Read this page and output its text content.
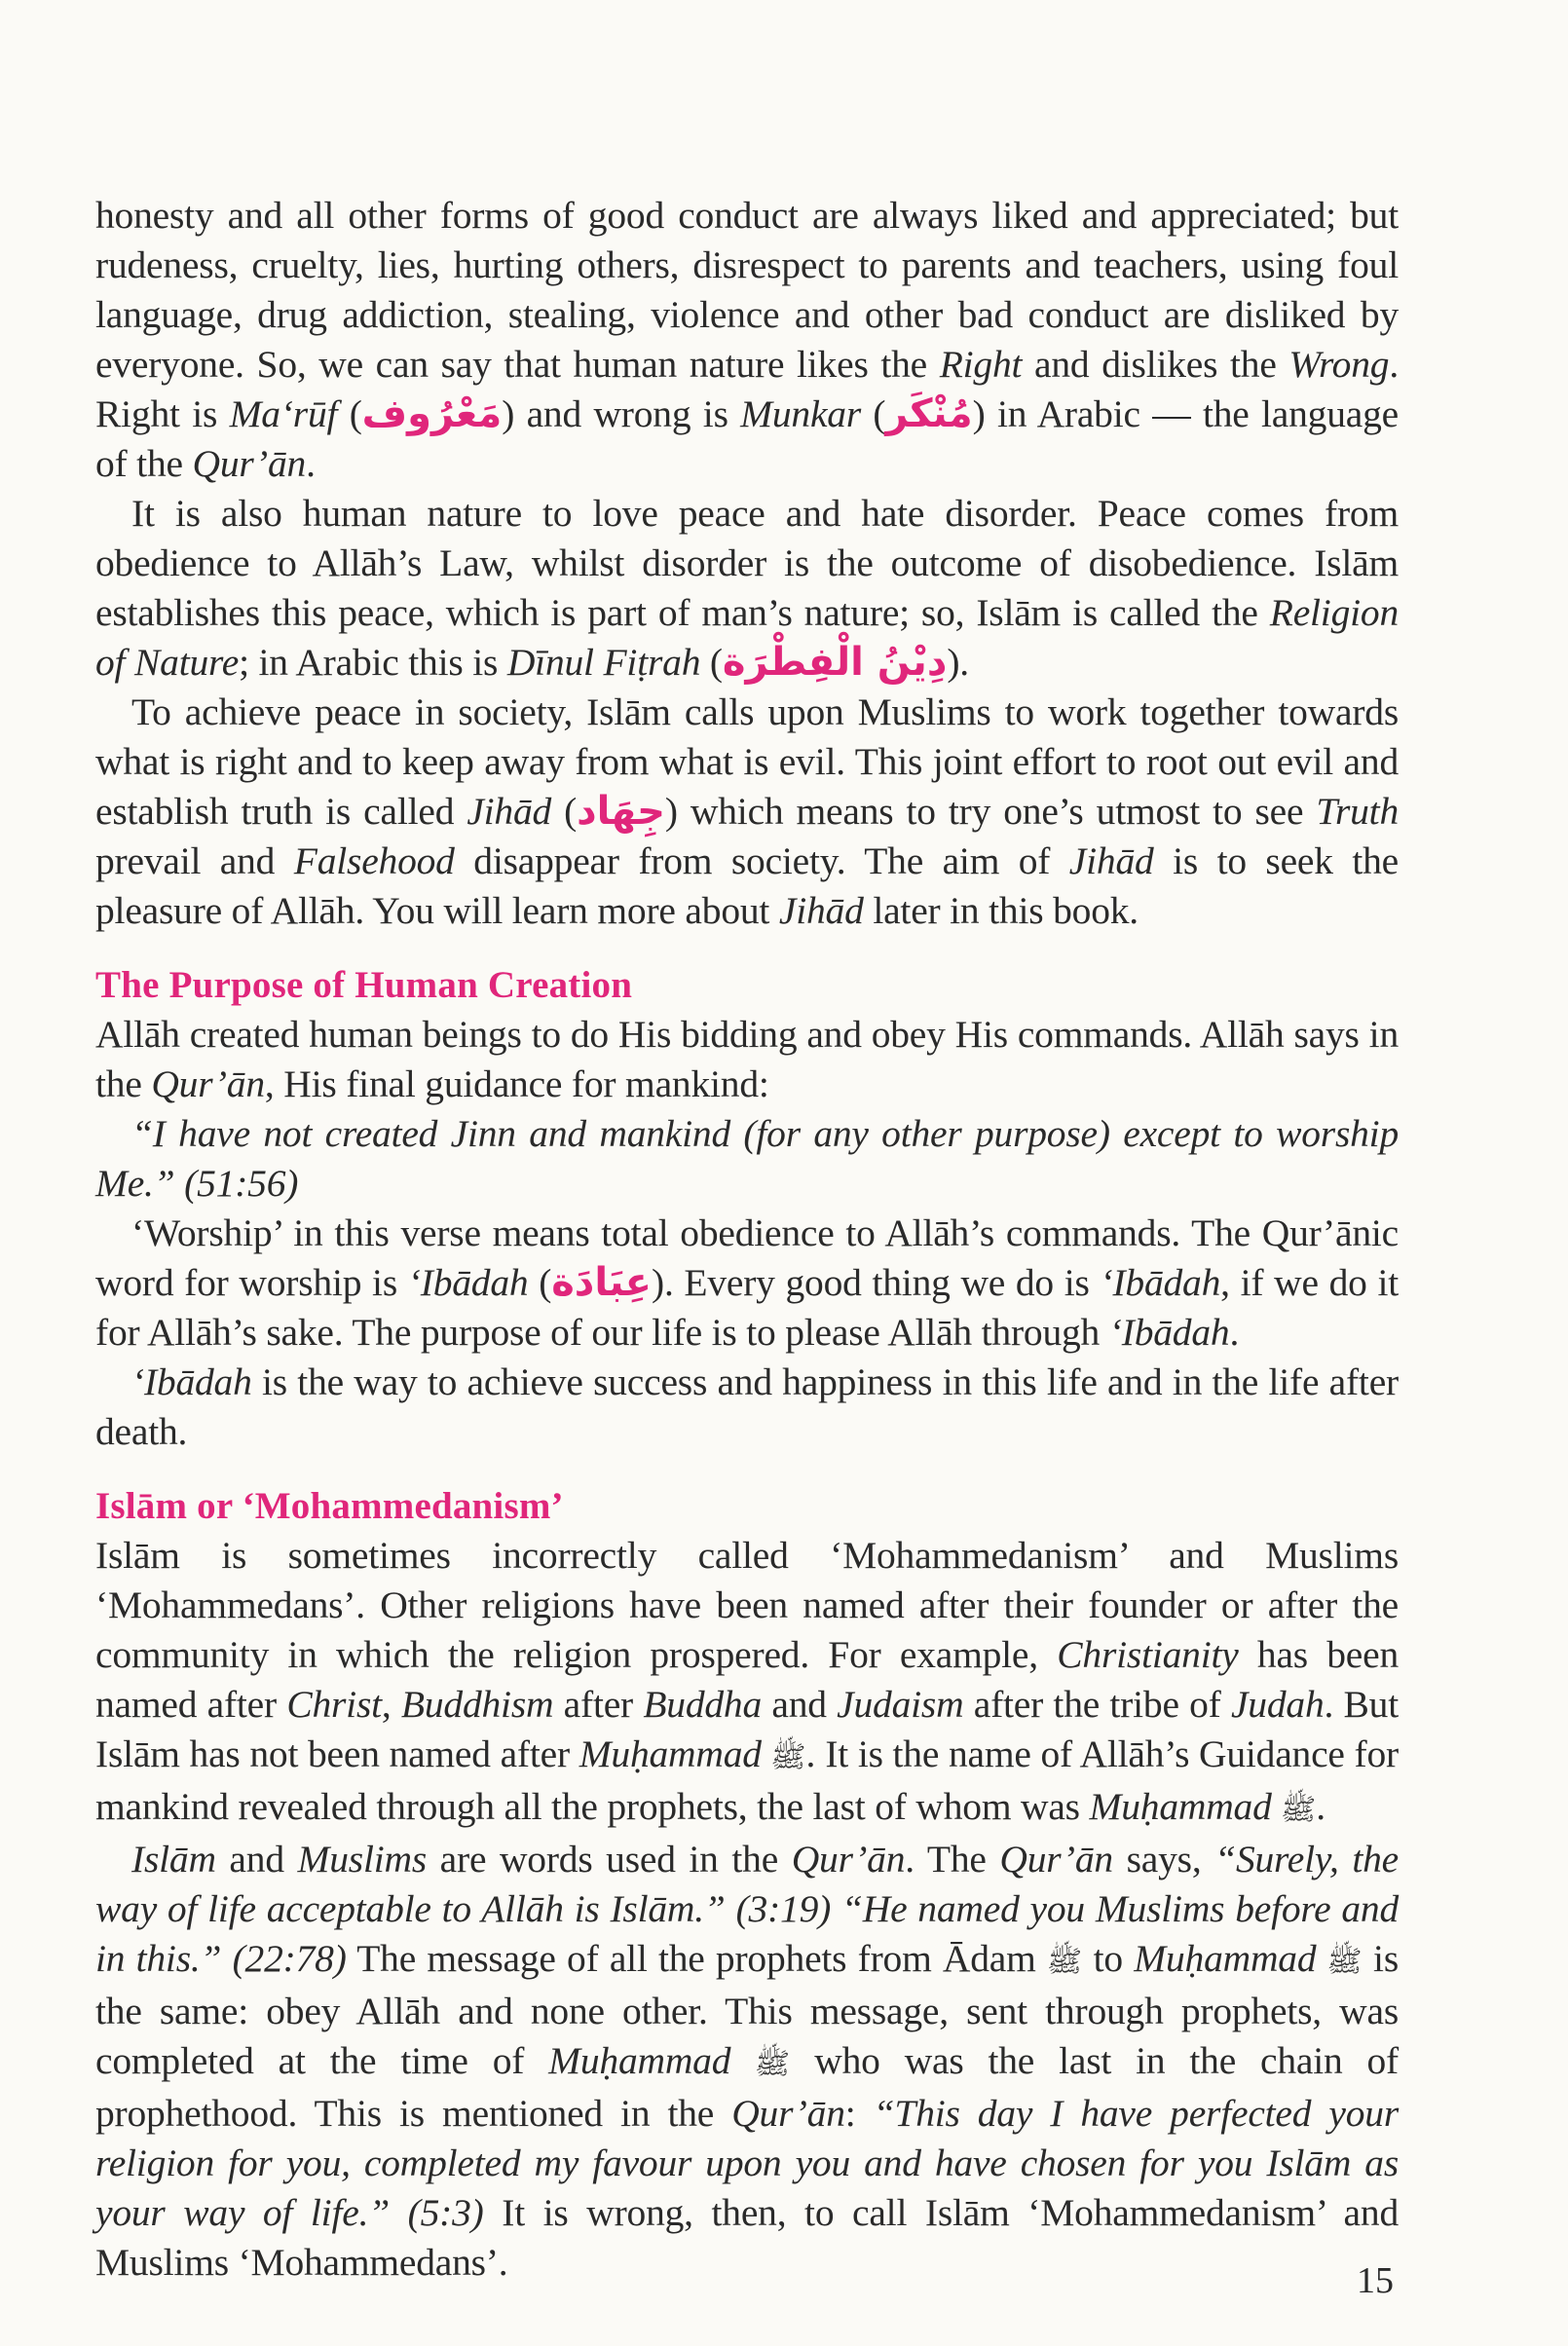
honesty and all other forms of good conduct are always liked and appreciated; but rudeness, cruelty, lies, hurting others, disrespect to parents and teachers, using foul language, drug addiction, stealing, violence and other bad conduct are disliked by everyone. So, we can say that human nature likes the Right and dislikes the Wrong. Right is Ma‘rūf (مَعْرُوف) and wrong is Munkar (مُنْكَر) in Arabic — the language of the Qur’ān.

It is also human nature to love peace and hate disorder. Peace comes from obedience to Allāh’s Law, whilst disorder is the outcome of disobedience. Islām establishes this peace, which is part of man’s nature; so, Islām is called the Religion of Nature; in Arabic this is Dīnul Fiṭrah (دِيْنُ الْفِطْرَة).

To achieve peace in society, Islām calls upon Muslims to work together towards what is right and to keep away from what is evil. This joint effort to root out evil and establish truth is called Jihād (جِهَاد) which means to try one’s utmost to see Truth prevail and Falsehood disappear from society. The aim of Jihād is to seek the pleasure of Allāh. You will learn more about Jihād later in this book.

The Purpose of Human Creation

Allāh created human beings to do His bidding and obey His commands. Allāh says in the Qur’ān, His final guidance for mankind:

“I have not created Jinn and mankind (for any other purpose) except to worship Me.” (51:56)

‘Worship’ in this verse means total obedience to Allāh’s commands. The Qur’ānic word for worship is ‘Ibādah (عِبَادَة). Every good thing we do is ‘Ibādah, if we do it for Allāh’s sake. The purpose of our life is to please Allāh through ‘Ibādah.

‘Ibādah is the way to achieve success and happiness in this life and in the life after death.

Islām or ‘Mohammedanism’

Islām is sometimes incorrectly called ‘Mohammedanism’ and Muslims ‘Mohammedans’. Other religions have been named after their founder or after the community in which the religion prospered. For example, Christianity has been named after Christ, Buddhism after Buddha and Judaism after the tribe of Judah. But Islām has not been named after Muḥammad ﷺ. It is the name of Allāh’s Guidance for mankind revealed through all the prophets, the last of whom was Muḥammad ﷺ.

Islām and Muslims are words used in the Qur’ān. The Qur’ān says, “Surely, the way of life acceptable to Allāh is Islām.” (3:19) “He named you Muslims before and in this.” (22:78) The message of all the prophets from Ādam ﷺ to Muḥammad ﷺ is the same: obey Allāh and none other. This message, sent through prophets, was completed at the time of Muḥammad ﷺ who was the last in the chain of prophethood. This is mentioned in the Qur’ān: “This day I have perfected your religion for you, completed my favour upon you and have chosen for you Islām as your way of life.” (5:3) It is wrong, then, to call Islām ‘Mohammedanism’ and Muslims ‘Mohammedans’.	15
